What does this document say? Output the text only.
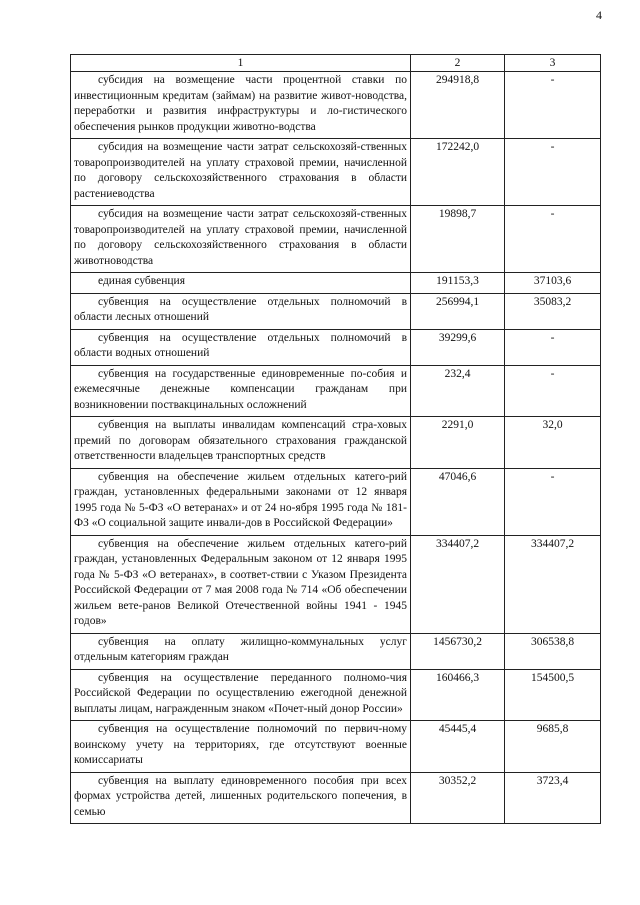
4
1	2	3
субсидия на возмещение части процентной ставки по инвестиционным кредитам (займам) на развитие живот-новодства, переработки и развития инфраструктуры и ло-гистического обеспечения рынков продукции животно-водства	294918,8	-
субсидия на возмещение части затрат сельскохозяй-ственных товаропроизводителей на уплату страховой премии, начисленной по договору сельскохозяйственного страхования в области растениеводства	172242,0	-
субсидия на возмещение части затрат сельскохозяй-ственных товаропроизводителей на уплату страховой премии, начисленной по договору сельскохозяйственного страхования в области животноводства	19898,7	-
единая субвенция	191153,3	37103,6
субвенция на осуществление отдельных полномочий в области лесных отношений	256994,1	35083,2
субвенция на осуществление отдельных полномочий в области водных отношений	39299,6	-
субвенция на государственные единовременные по-собия и ежемесячные денежные компенсации гражданам при возникновении поствакцинальных осложнений	232,4	-
субвенция на выплаты инвалидам компенсаций стра-ховых премий по договорам обязательного страхования гражданской ответственности владельцев транспортных средств	2291,0	32,0
субвенция на обеспечение жильем отдельных катего-рий граждан, установленных федеральными законами от 12 января 1995 года № 5-ФЗ «О ветеранах» и от 24 но-ября 1995 года № 181-ФЗ «О социальной защите инвали-дов в Российской Федерации»	47046,6	-
субвенция на обеспечение жильем отдельных катего-рий граждан, установленных Федеральным законом от 12 января 1995 года № 5-ФЗ «О ветеранах», в соответ-ствии с Указом Президента Российской Федерации от 7 мая 2008 года № 714 «Об обеспечении жильем вете-ранов Великой Отечественной войны 1941 - 1945 годов»	334407,2	334407,2
субвенция на оплату жилищно-коммунальных услуг отдельным категориям граждан	1456730,2	306538,8
субвенция на осуществление переданного полномо-чия Российской Федерации по осуществлению ежегодной денежной выплаты лицам, награжденным знаком «Почет-ный донор России»	160466,3	154500,5
субвенция на осуществление полномочий по первич-ному воинскому учету на территориях, где отсутствуют военные комиссариаты	45445,4	9685,8
субвенция на выплату единовременного пособия при всех формах устройства детей, лишенных родительского попечения, в семью	30352,2	3723,4
